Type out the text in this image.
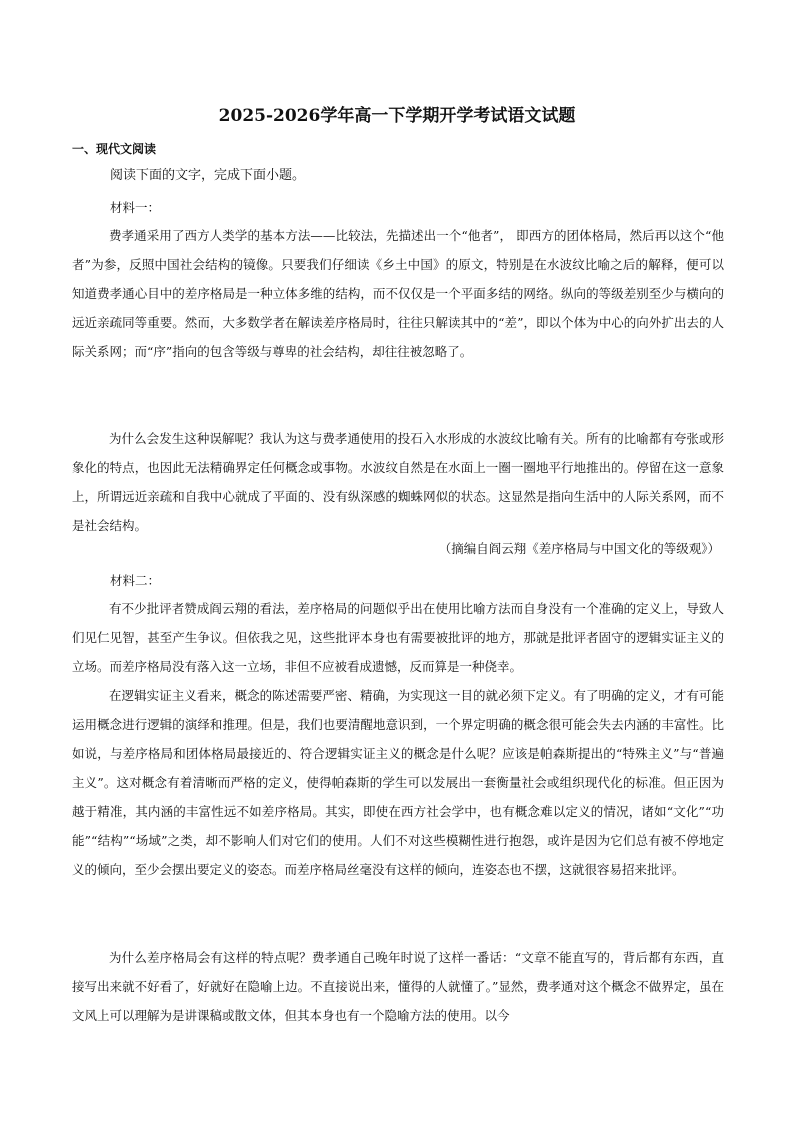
2025-2026学年高一下学期开学考试语文试题
一、现代文阅读
阅读下面的文字，完成下面小题。
材料一：

费孝通采用了西方人类学的基本方法——比较法，先描述出一个“他者”， 即西方的团体格局，然后再以这个“他者”为参，反照中国社会结构的镜像。只要我们仔细读《乡土中国》的原文，特别是在水波纹比喻之后的解释，便可以知道费孝通心目中的差序格局是一种立体多维的结构，而不仅仅是一个平面多结的网络。纵向的等级差别至少与横向的远近亲疏同等重要。然而，大多数学者在解读差序格局时，往往只解读其中的“差”，即以个体为中心的向外扩出去的人际关系网；而“序”指向的包含等级与尊卑的社会结构，却往往被忽略了。

为什么会发生这种误解呢？我认为这与费孝通使用的投石入水形成的水波纹比喻有关。所有的比喻都有夸张或形象化的特点，也因此无法精确界定任何概念或事物。水波纹自然是在水面上一圈一圈地平行地推出的。停留在这一意象上，所谓远近亲疏和自我中心就成了平面的、没有纵深感的蜘蛛网似的状态。这显然是指向生活中的人际关系网，而不是社会结构。

（摘编自阎云翔《差序格局与中国文化的等级观》）
材料二：

有不少批评者赞成阎云翔的看法，差序格局的问题似乎出在使用比喻方法而自身没有一个准确的定义上，导致人们见仁见智，甚至产生争议。但依我之见，这些批评本身也有需要被批评的地方，那就是批评者固守的逻辑实证主义的立场。而差序格局没有落入这一立场，非但不应被看成遗憾，反而算是一种侥幸。

在逻辑实证主义看来，概念的陈述需要严密、精确，为实现这一目的就必须下定义。有了明确的定义，才有可能运用概念进行逻辑的演绎和推理。但是，我们也要清醒地意识到，一个界定明确的概念很可能会失去内涵的丰富性。比如说，与差序格局和团体格局最接近的、符合逻辑实证主义的概念是什么呢？应该是帕森斯提出的“特殊主义”与“普遍主义”。这对概念有着清晰而严格的定义，使得帕森斯的学生可以发展出一套衡量社会或组织现代化的标准。但正因为越于精准，其内涵的丰富性远不如差序格局。其实，即使在西方社会学中，也有概念难以定义的情况，诸如“文化”“功能”“结构”“场域”之类，却不影响人们对它们的使用。人们不对这些模糊性进行抱怨，或许是因为它们总有被不停地定义的倾向，至少会摆出要定义的姿态。而差序格局丝毫没有这样的倾向，连姿态也不摆，这就很容易招来批评。

为什么差序格局会有这样的特点呢？费孝通自己晚年时说了这样一番话：“文章不能直写的，背后都有东西，直接写出来就不好看了，好就好在隐喻上边。不直接说出来，懂得的人就懂了。”显然，费孝通对这个概念不做界定，虽在文风上可以理解为是讲课稿或散文体，但其本身也有一个隐喻方法的使用。以今
